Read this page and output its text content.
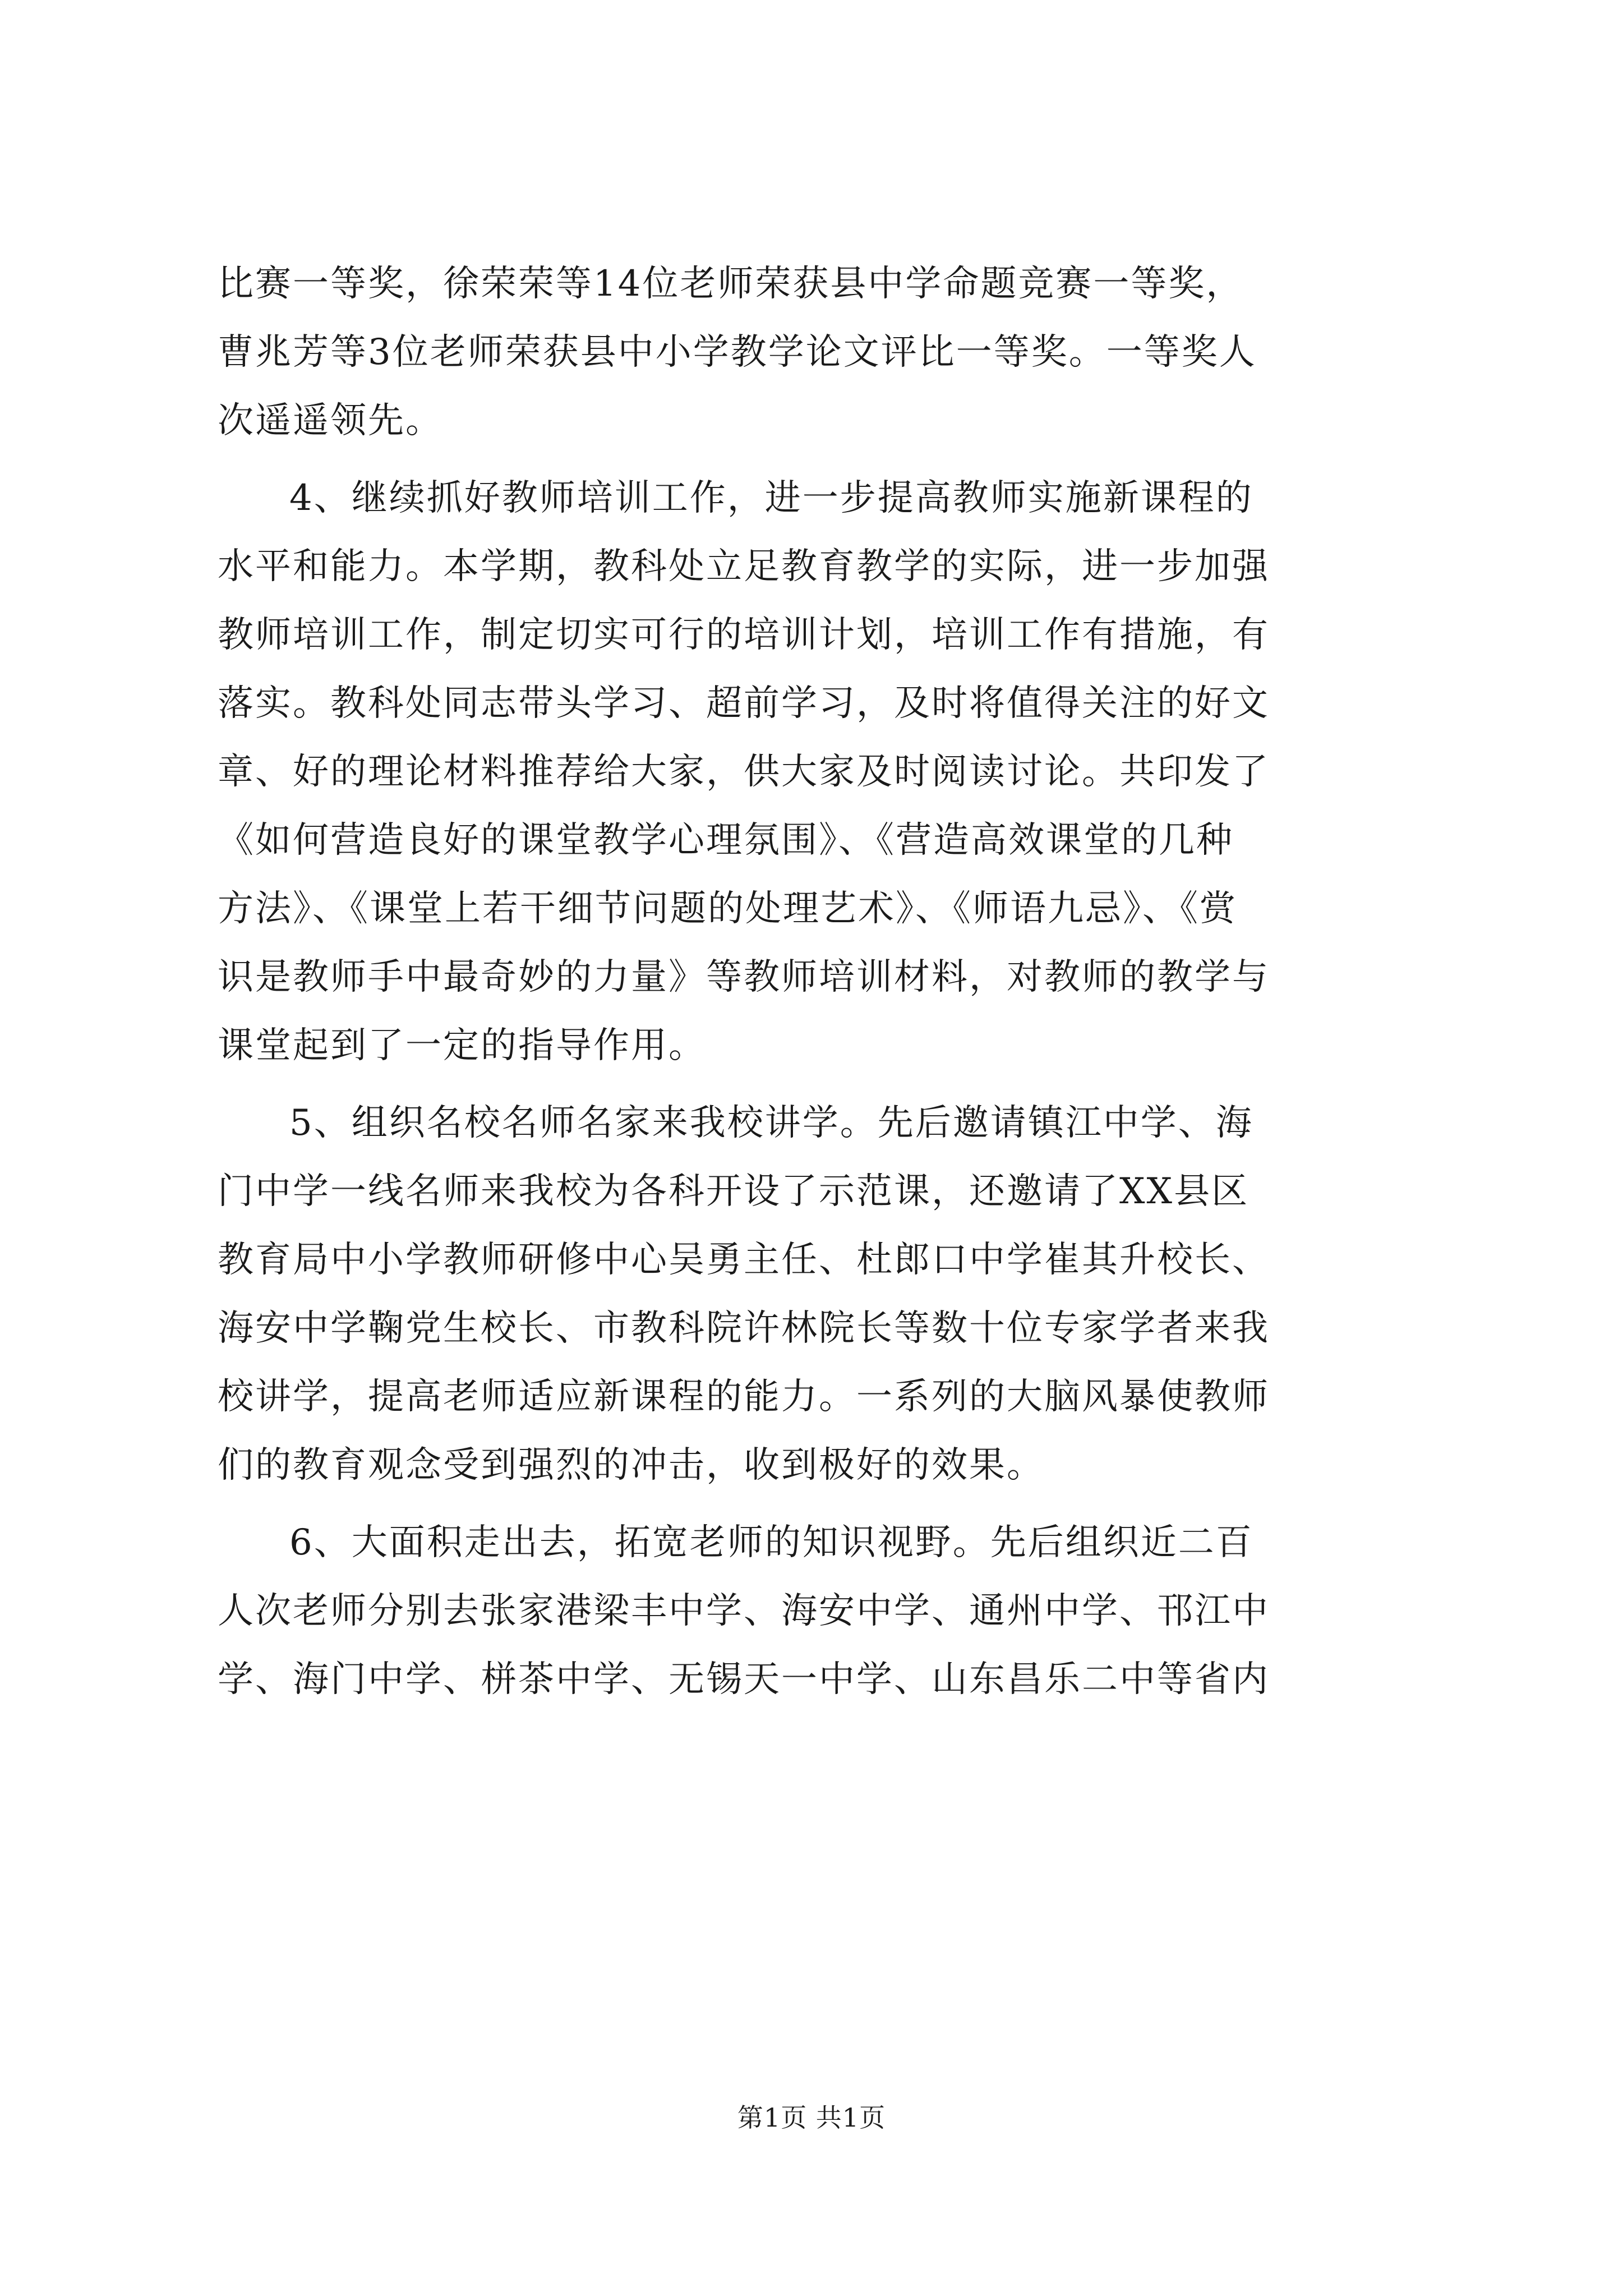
比赛一等奖，徐荣荣等14位老师荣获县中学命题竞赛一等奖，
曹兆芳等3位老师荣获县中小学教学论文评比一等奖。一等奖人
次遥遥领先。
4、继续抓好教师培训工作，进一步提高教师实施新课程的
水平和能力。本学期，教科处立足教育教学的实际，进一步加强
教师培训工作，制定切实可行的培训计划，培训工作有措施，有
落实。教科处同志带头学习、超前学习，及时将值得关注的好文
章、好的理论材料推荐给大家，供大家及时阅读讨论。共印发了
《如何营造良好的课堂教学心理氛围》、《营造高效课堂的几种
方法》、《课堂上若干细节问题的处理艺术》、《师语九忌》、《赏
识是教师手中最奇妙的力量》等教师培训材料，对教师的教学与
课堂起到了一定的指导作用。
5、组织名校名师名家来我校讲学。先后邀请镇江中学、海
门中学一线名师来我校为各科开设了示范课，还邀请了XX县区
教育局中小学教师研修中心吴勇主任、杜郎口中学崔其升校长、
海安中学鞠党生校长、市教科院许林院长等数十位专家学者来我
校讲学，提高老师适应新课程的能力。一系列的大脑风暴使教师
们的教育观念受到强烈的冲击，收到极好的效果。
6、大面积走出去，拓宽老师的知识视野。先后组织近二百
人次老师分别去张家港梁丰中学、海安中学、通州中学、邗江中
学、海门中学、栟茶中学、无锡天一中学、山东昌乐二中等省内
第1页 共1页
